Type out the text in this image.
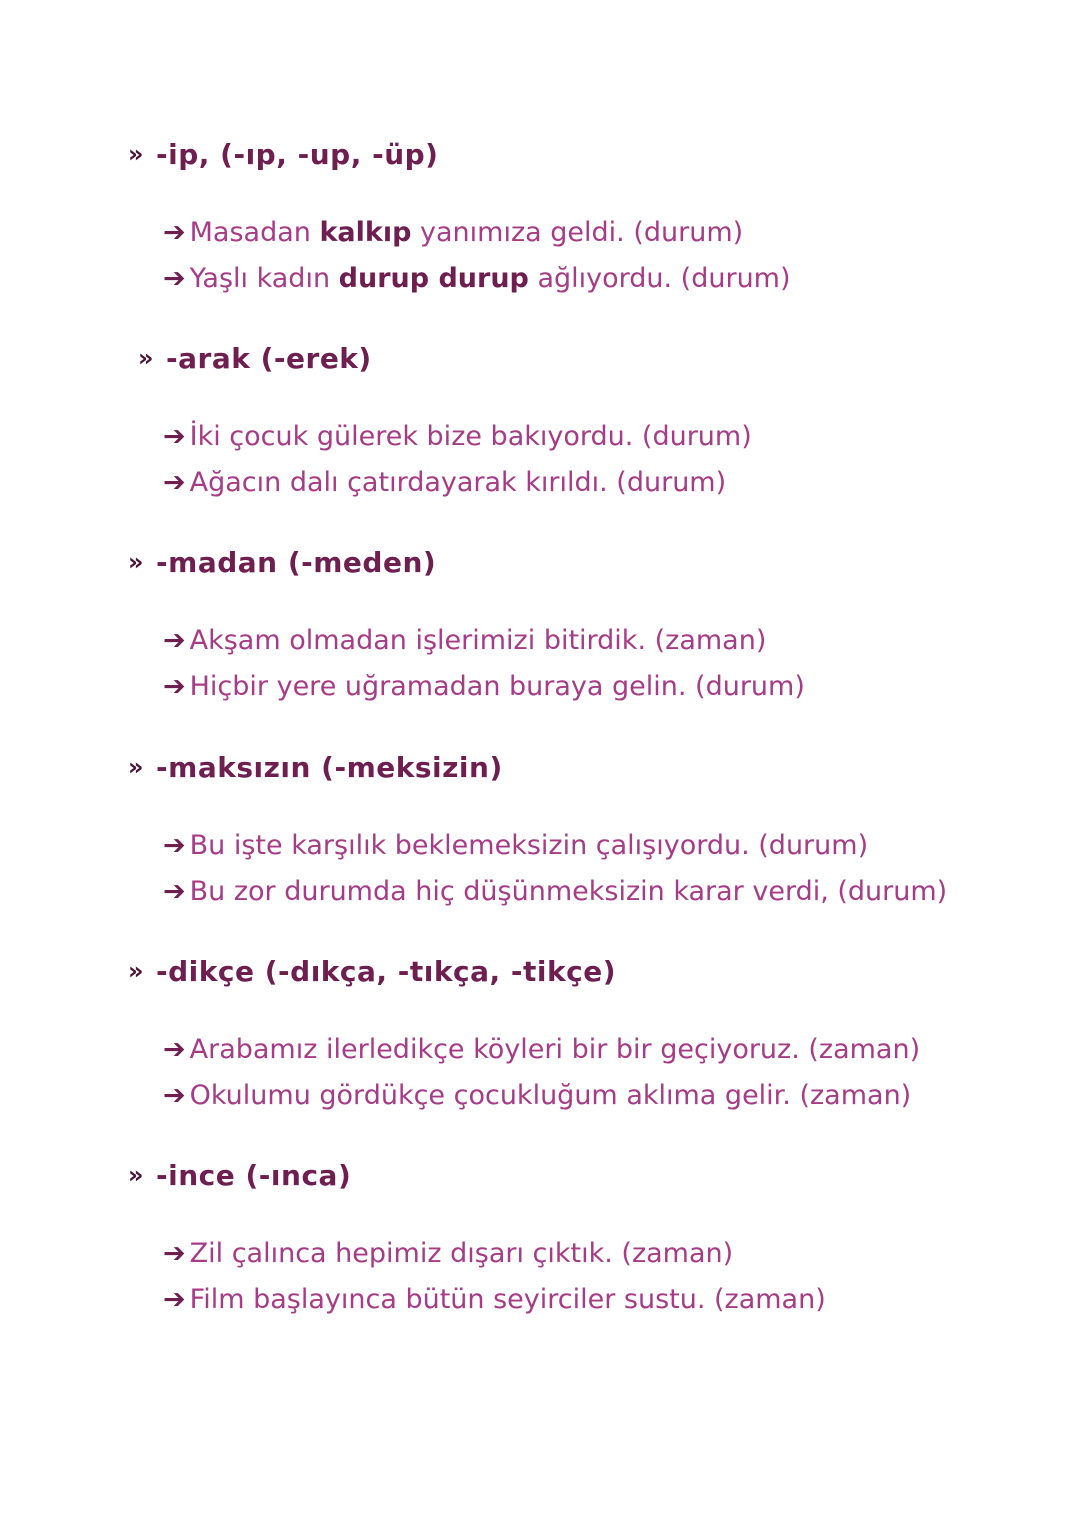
» -ip, (-ıp, -up, -üp)
➔ Masadan kalkıp yanımıza geldi. (durum)
➔ Yaşlı kadın durup durup ağlıyordu. (durum)
» -arak (-erek)
➔ İki çocuk gülerek bize bakıyordu. (durum)
➔ Ağacın dalı çatırdayarak kırıldı. (durum)
» -madan (-meden)
➔ Akşam olmadan işlerimizi bitirdik. (zaman)
➔ Hiçbir yere uğramadan buraya gelin. (durum)
» -maksızın (-meksizin)
➔ Bu işte karşılık beklemeksizin çalışıyordu. (durum)
➔ Bu zor durumda hiç düşünmeksizin karar verdi, (durum)
» -dikçe (-dıkça, -tıkça, -tikçe)
➔ Arabamız ilerledikçe köyleri bir bir geçiyoruz. (zaman)
➔ Okulumu gördükçe çocukluğum aklıma gelir. (zaman)
» -ince (-ınca)
➔ Zil çalınca hepimiz dışarı çıktık. (zaman)
➔ Film başlayınca bütün seyirciler sustu. (zaman)
